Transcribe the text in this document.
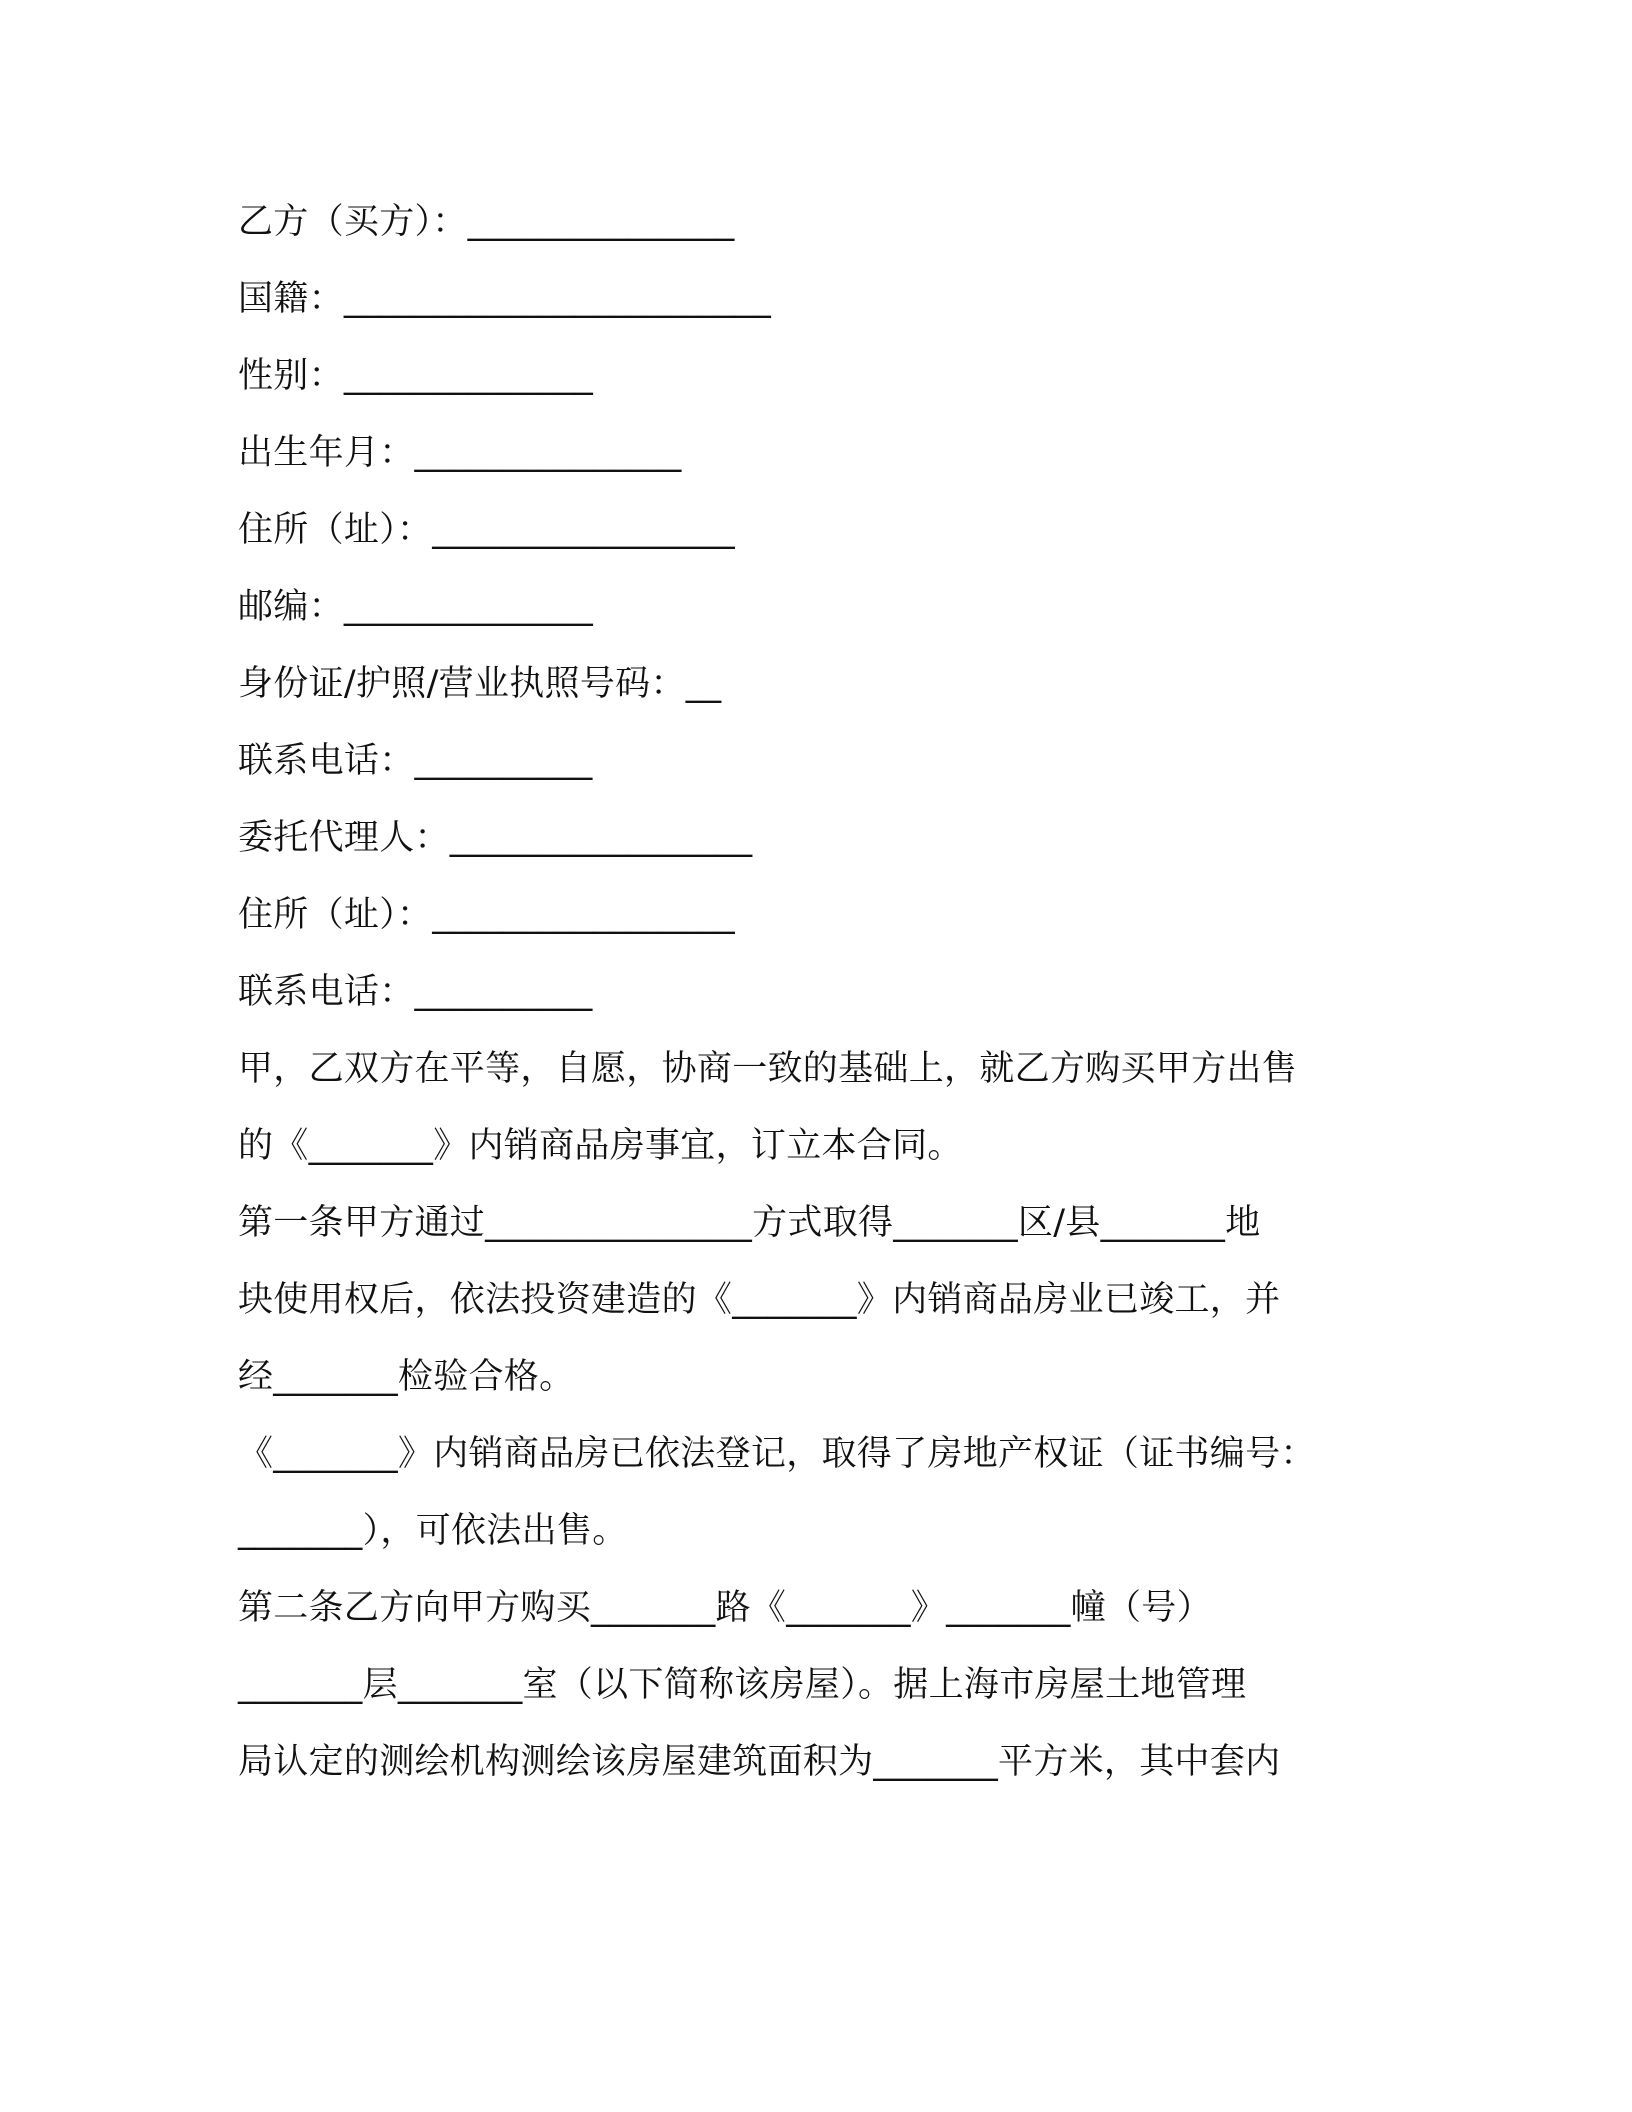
乙方（买方）：_______________
国籍：________________________
性别：______________
出生年月：_______________
住所（址）：_________________
邮编：______________
身份证/护照/营业执照号码：__
联系电话：__________
委托代理人：_________________
住所（址）：_________________
联系电话：__________
甲，乙双方在平等，自愿，协商一致的基础上，就乙方购买甲方出售
的《_______》内销商品房事宜，订立本合同。
第一条甲方通过_______________方式取得_______区/县_______地
块使用权后，依法投资建造的《_______》内销商品房业已竣工，并
经_______检验合格。
《_______》内销商品房已依法登记，取得了房地产权证（证书编号：
_______），可依法出售。
第二条乙方向甲方购买_______路《_______》_______幢（号）
_______层_______室（以下简称该房屋）。据上海市房屋土地管理
局认定的测绘机构测绘该房屋建筑面积为_______平方米，其中套内
